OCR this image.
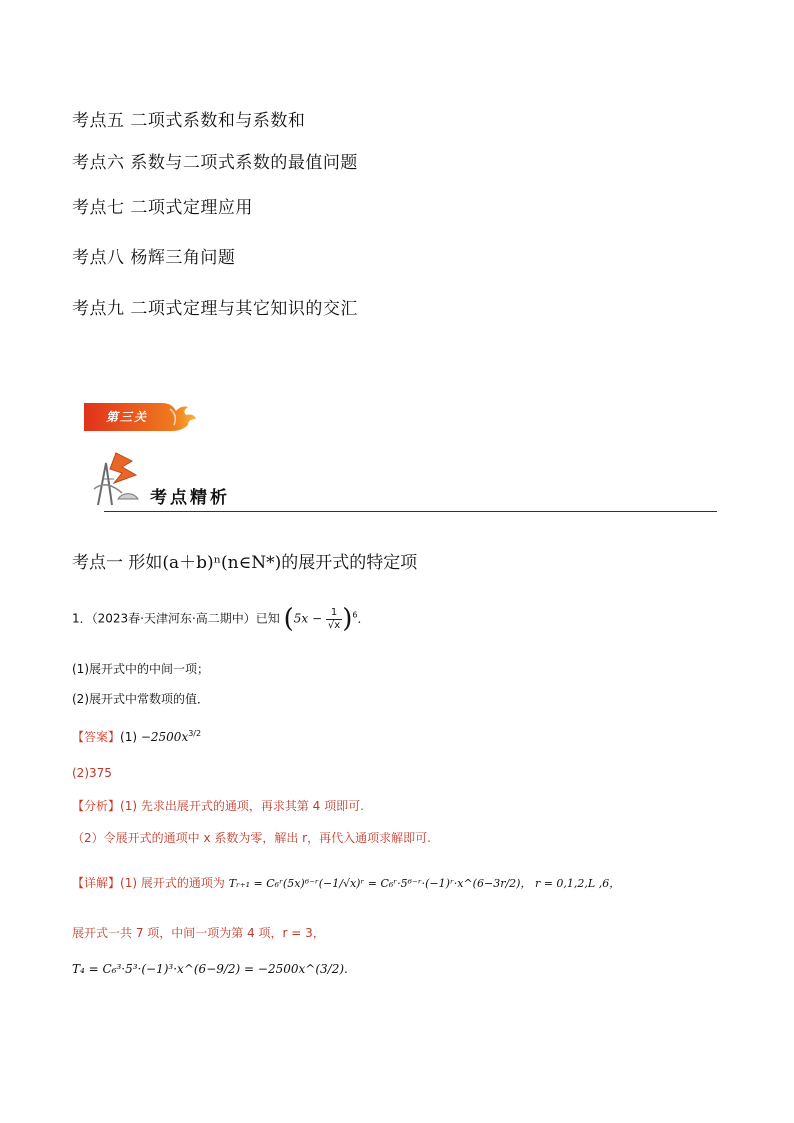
考点五 二项式系数和与系数和
考点六 系数与二项式系数的最值问题
考点七 二项式定理应用
考点八 杨辉三角问题
考点九 二项式定理与其它知识的交汇
第三关
考点精析
考点一 形如(a＋b)ⁿ(n∈N*)的展开式的特定项
1．（2023春·天津河东·高二期中）已知 $(5x - \frac{1}{√x} )^6$．
(1)展开式中的中间一项；
(2)展开式中常数项的值．
【答案】$(1) -2500x^{3/2}$
(2)375
【分析】(1) 先求出展开式的通项，再求其第 4 项即可.
（2）令展开式的通项中 x 系数为零，解出 r，再代入通项求解即可.
【详解】(1) 展开式的通项为 Tᵣ₊₁ = C₆ʳ(5x)⁶⁻ʳ(−1/√x)ʳ = C₆ʳ·5⁶⁻ʳ·(−1)ʳ·x^(6−3r/2)， r = 0,1,2,L ,6，
展开式一共 7 项，中间一项为第 4 项，r = 3，
T₄ = C₆³·5³·(−1)³·x^(6−9/2) = −2500x^(3/2).
